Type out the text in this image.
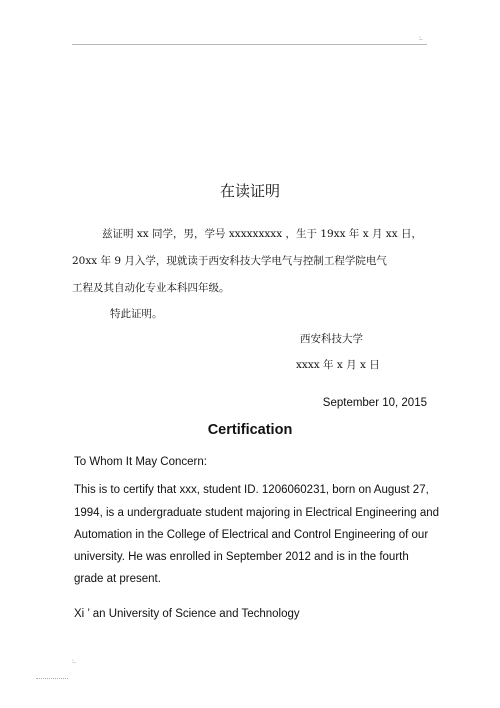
:.
在读证明
兹证明 xx 同学，男，学号 xxxxxxxxx ，生于 19xx 年 x 月 xx 日，
20xx 年 9 月入学，现就读于西安科技大学电气与控制工程学院电气
工程及其自动化专业本科四年级。
特此证明。
西安科技大学
xxxx 年 x 月 x 日
September 10, 2015
Certification
To Whom It May Concern:
This is to certify that xxx, student ID. 1206060231, born on August 27,
1994, is a undergraduate student majoring in Electrical Engineering and
Automation in the College of Electrical and Control Engineering of our
university. He was enrolled in September 2012 and is in the fourth
grade at present.
Xi ’ an University of Science and Technology
:.
